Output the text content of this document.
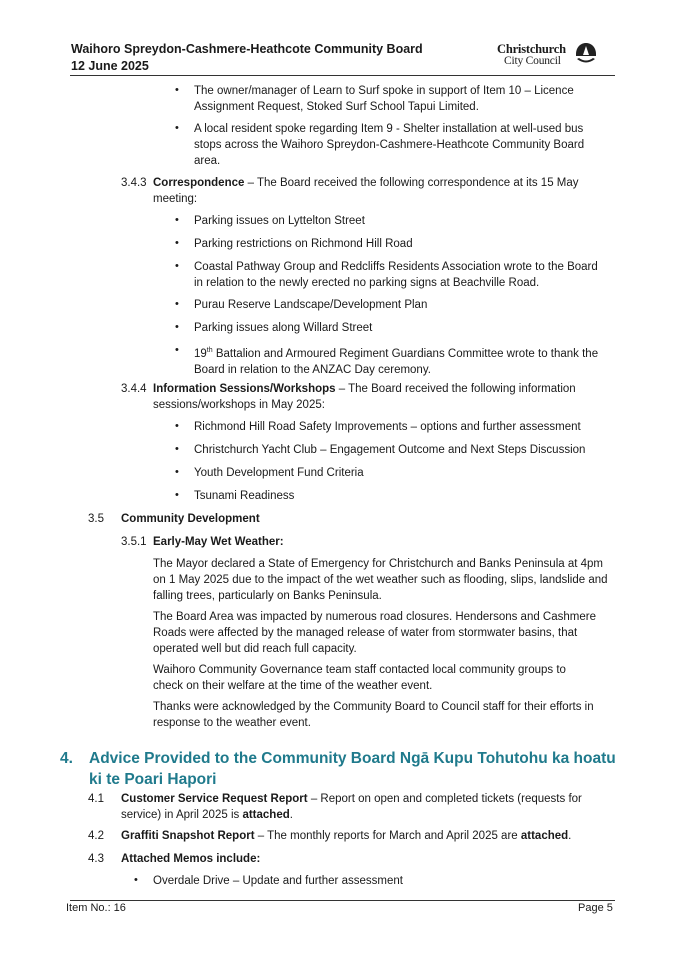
Waihoro Spreydon-Cashmere-Heathcote Community Board
12 June 2025
Christchurch
City Council
• The owner/manager of Learn to Surf spoke in support of Item 10 – Licence Assignment Request, Stoked Surf School Tapui Limited.
• A local resident spoke regarding Item 9 - Shelter installation at well-used bus stops across the Waihoro Spreydon-Cashmere-Heathcote Community Board area.
3.4.3 Correspondence – The Board received the following correspondence at its 15 May meeting:
• Parking issues on Lyttelton Street
• Parking restrictions on Richmond Hill Road
• Coastal Pathway Group and Redcliffs Residents Association wrote to the Board in relation to the newly erected no parking signs at Beachville Road.
• Purau Reserve Landscape/Development Plan
• Parking issues along Willard Street
• 19th Battalion and Armoured Regiment Guardians Committee wrote to thank the Board in relation to the ANZAC Day ceremony.
3.4.4 Information Sessions/Workshops – The Board received the following information sessions/workshops in May 2025:
• Richmond Hill Road Safety Improvements – options and further assessment
• Christchurch Yacht Club – Engagement Outcome and Next Steps Discussion
• Youth Development Fund Criteria
• Tsunami Readiness
3.5 Community Development
3.5.1 Early-May Wet Weather:
The Mayor declared a State of Emergency for Christchurch and Banks Peninsula at 4pm on 1 May 2025 due to the impact of the wet weather such as flooding, slips, landslide and falling trees, particularly on Banks Peninsula.
The Board Area was impacted by numerous road closures. Hendersons and Cashmere Roads were affected by the managed release of water from stormwater basins, that operated well but did reach full capacity.
Waihoro Community Governance team staff contacted local community groups to check on their welfare at the time of the weather event.
Thanks were acknowledged by the Community Board to Council staff for their efforts in response to the weather event.
4. Advice Provided to the Community Board Ngā Kupu Tohutohu ka hoatu ki te Poari Hapori
4.1 Customer Service Request Report – Report on open and completed tickets (requests for service) in April 2025 is attached.
4.2 Graffiti Snapshot Report – The monthly reports for March and April 2025 are attached.
4.3 Attached Memos include:
• Overdale Drive – Update and further assessment
Item No.: 16	Page 5
